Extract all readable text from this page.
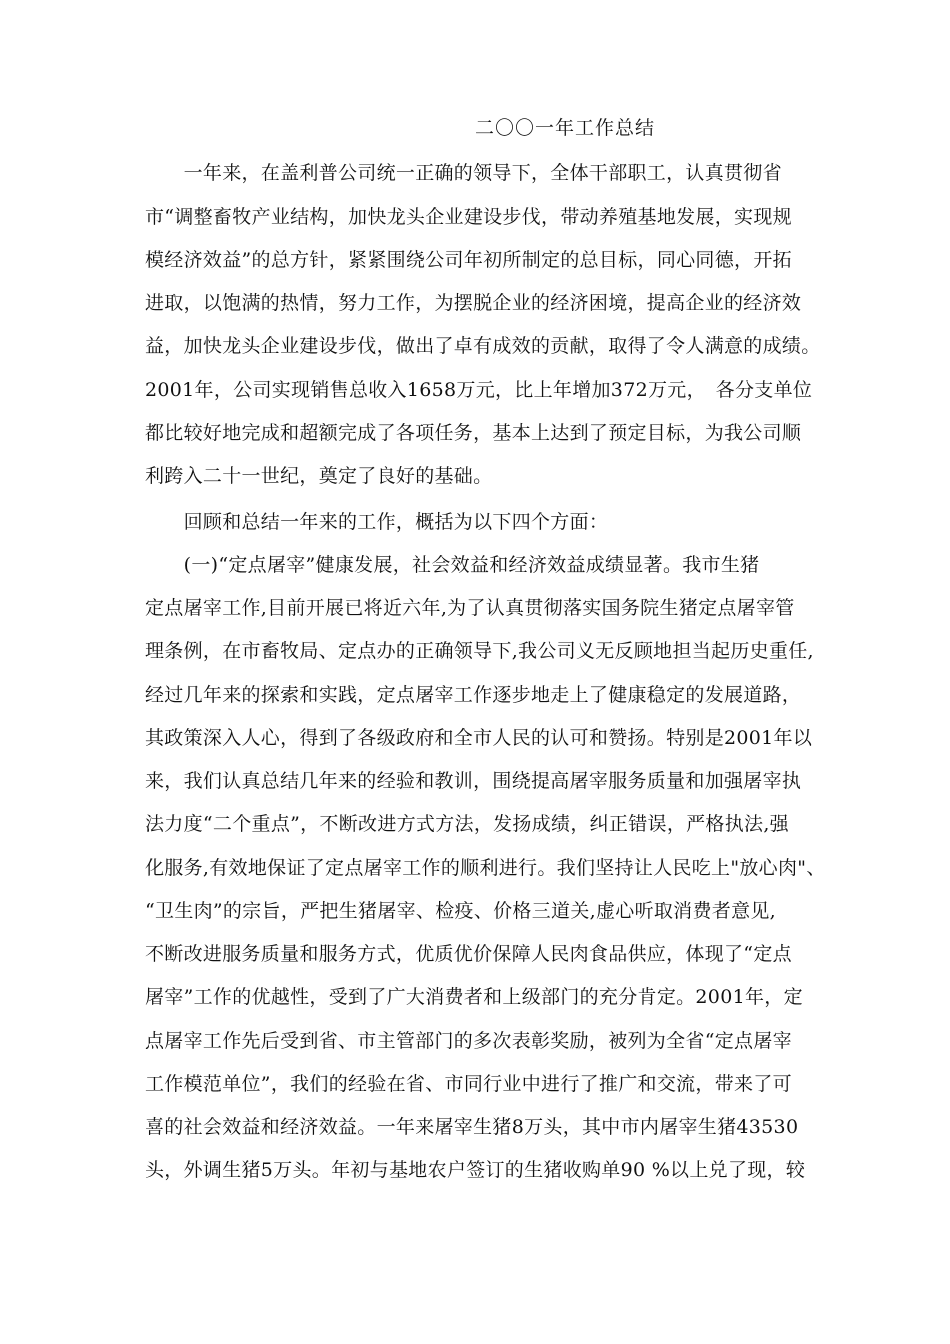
二〇〇一年工作总结
　　一年来，在盖利普公司统一正确的领导下，全体干部职工，认真贯彻省
市“调整畜牧产业结构，加快龙头企业建设步伐，带动养殖基地发展，实现规
模经济效益”的总方针，紧紧围绕公司年初所制定的总目标，同心同德，开拓
进取，以饱满的热情，努力工作，为摆脱企业的经济困境，提高企业的经济效
益，加快龙头企业建设步伐，做出了卓有成效的贡献，取得了令人满意的成绩。
2001年，公司实现销售总收入1658万元，比上年增加372万元，　各分支单位
都比较好地完成和超额完成了各项任务，基本上达到了预定目标，为我公司顺
利跨入二十一世纪，奠定了良好的基础。
　　回顾和总结一年来的工作，概括为以下四个方面：
　　(一)“定点屠宰”健康发展，社会效益和经济效益成绩显著。我市生猪
定点屠宰工作,目前开展已将近六年,为了认真贯彻落实国务院生猪定点屠宰管
理条例，在市畜牧局、定点办的正确领导下,我公司义无反顾地担当起历史重任,
经过几年来的探索和实践，定点屠宰工作逐步地走上了健康稳定的发展道路，
其政策深入人心，得到了各级政府和全市人民的认可和赞扬。特别是2001年以
来，我们认真总结几年来的经验和教训，围绕提高屠宰服务质量和加强屠宰执
法力度“二个重点”，不断改进方式方法，发扬成绩，纠正错误，严格执法,强
化服务,有效地保证了定点屠宰工作的顺利进行。我们坚持让人民吃上"放心肉"、
“卫生肉”的宗旨，严把生猪屠宰、检疫、价格三道关,虚心听取消费者意见,
不断改进服务质量和服务方式，优质优价保障人民肉食品供应，体现了“定点
屠宰”工作的优越性，受到了广大消费者和上级部门的充分肯定。2001年，定
点屠宰工作先后受到省、市主管部门的多次表彰奖励，被列为全省“定点屠宰
工作模范单位”，我们的经验在省、市同行业中进行了推广和交流，带来了可
喜的社会效益和经济效益。一年来屠宰生猪8万头，其中市内屠宰生猪43530
头，外调生猪5万头。年初与基地农户签订的生猪收购单90 %以上兑了现，较
